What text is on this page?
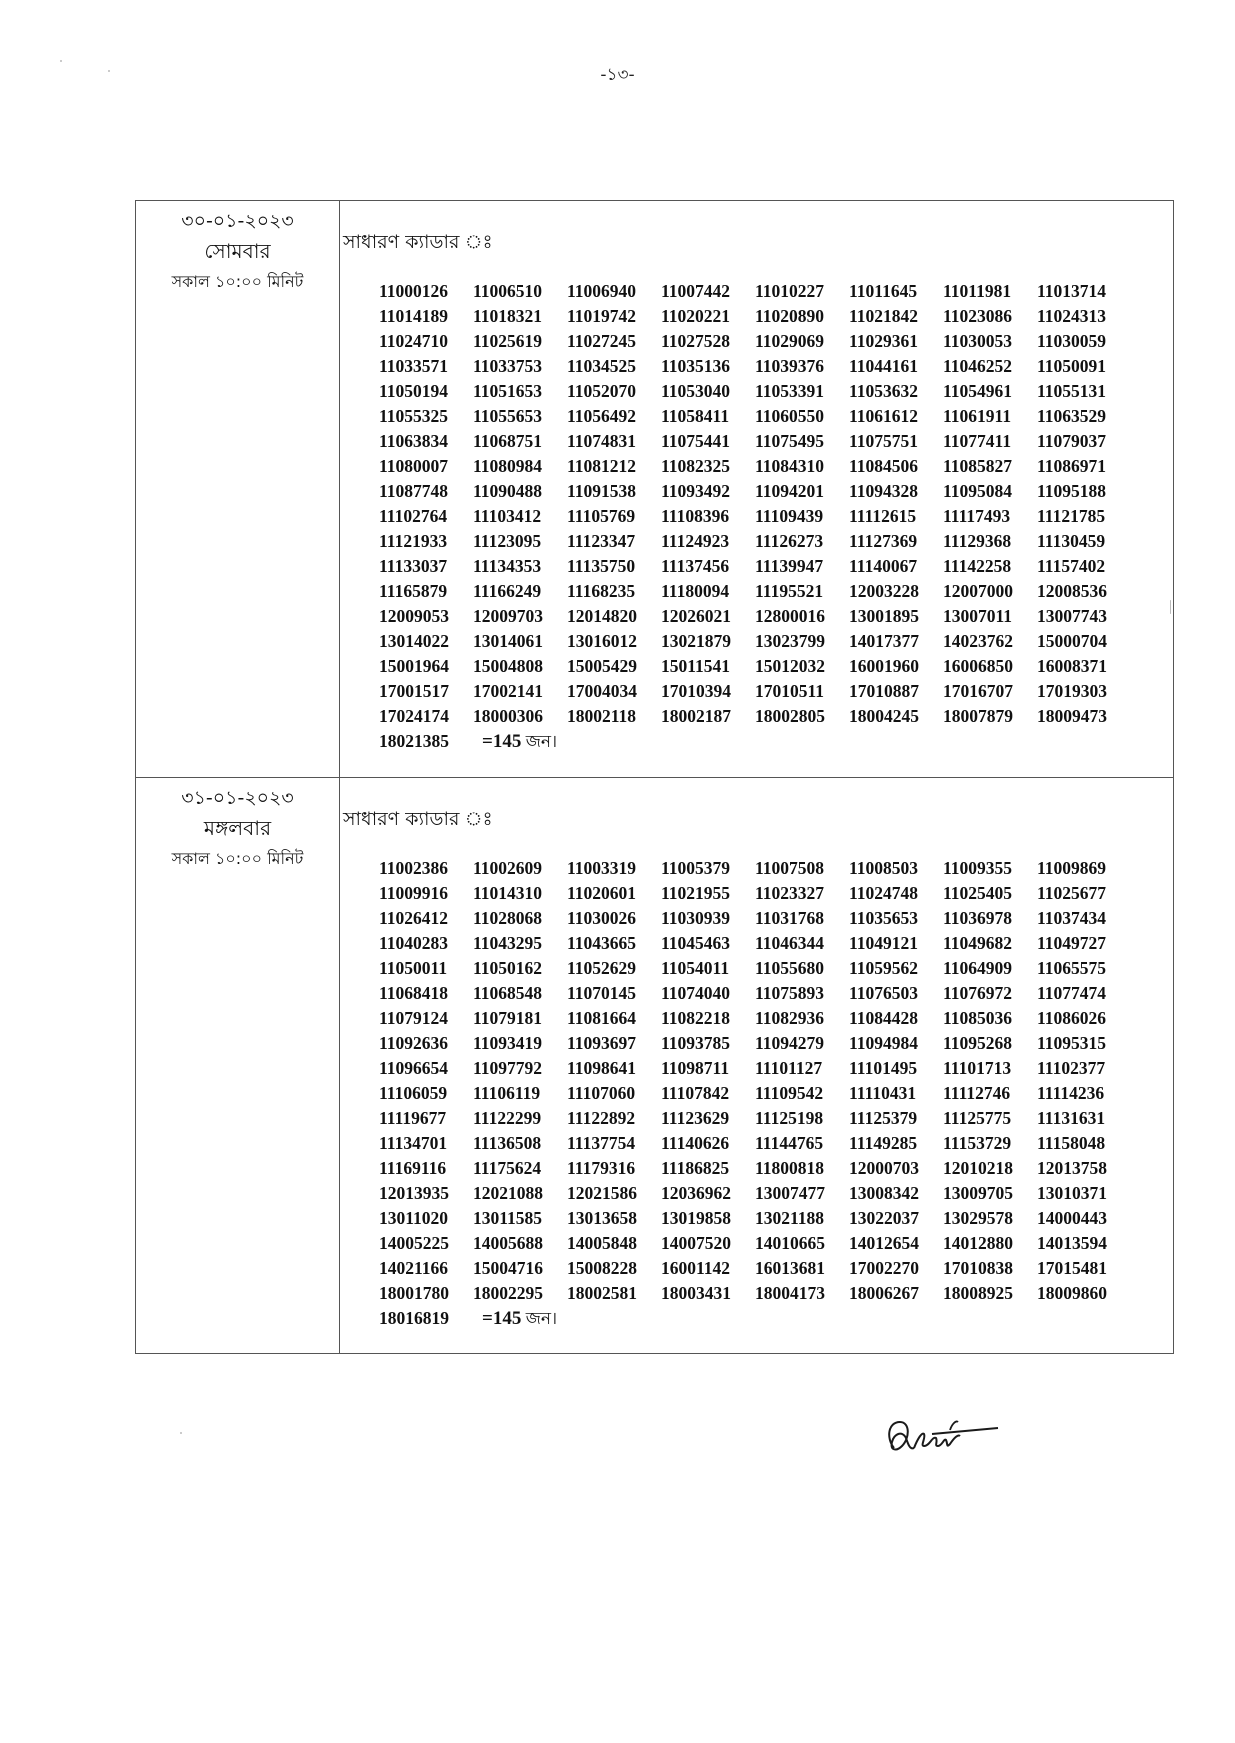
-১৩-
৩০-০১-২০২৩
সোমবার
সকাল ১০:০০ মিনিট
সাধারণ ক্যাডার ঃ
11000126	11006510	11006940	11007442	11010227	11011645	11011981	11013714
11014189	11018321	11019742	11020221	11020890	11021842	11023086	11024313
11024710	11025619	11027245	11027528	11029069	11029361	11030053	11030059
11033571	11033753	11034525	11035136	11039376	11044161	11046252	11050091
11050194	11051653	11052070	11053040	11053391	11053632	11054961	11055131
11055325	11055653	11056492	11058411	11060550	11061612	11061911	11063529
11063834	11068751	11074831	11075441	11075495	11075751	11077411	11079037
11080007	11080984	11081212	11082325	11084310	11084506	11085827	11086971
11087748	11090488	11091538	11093492	11094201	11094328	11095084	11095188
11102764	11103412	11105769	11108396	11109439	11112615	11117493	11121785
11121933	11123095	11123347	11124923	11126273	11127369	11129368	11130459
11133037	11134353	11135750	11137456	11139947	11140067	11142258	11157402
11165879	11166249	11168235	11180094	11195521	12003228	12007000	12008536
12009053	12009703	12014820	12026021	12800016	13001895	13007011	13007743
13014022	13014061	13016012	13021879	13023799	14017377	14023762	15000704
15001964	15004808	15005429	15011541	15012032	16001960	16006850	16008371
17001517	17002141	17004034	17010394	17010511	17010887	17016707	17019303
17024174	18000306	18002118	18002187	18002805	18004245	18007879	18009473
18021385 =145 জন।
৩১-০১-২০২৩
মঙ্গলবার
সকাল ১০:০০ মিনিট
সাধারণ ক্যাডার ঃ
11002386	11002609	11003319	11005379	11007508	11008503	11009355	11009869
11009916	11014310	11020601	11021955	11023327	11024748	11025405	11025677
11026412	11028068	11030026	11030939	11031768	11035653	11036978	11037434
11040283	11043295	11043665	11045463	11046344	11049121	11049682	11049727
11050011	11050162	11052629	11054011	11055680	11059562	11064909	11065575
11068418	11068548	11070145	11074040	11075893	11076503	11076972	11077474
11079124	11079181	11081664	11082218	11082936	11084428	11085036	11086026
11092636	11093419	11093697	11093785	11094279	11094984	11095268	11095315
11096654	11097792	11098641	11098711	11101127	11101495	11101713	11102377
11106059	11106119	11107060	11107842	11109542	11110431	11112746	11114236
11119677	11122299	11122892	11123629	11125198	11125379	11125775	11131631
11134701	11136508	11137754	11140626	11144765	11149285	11153729	11158048
11169116	11175624	11179316	11186825	11800818	12000703	12010218	12013758
12013935	12021088	12021586	12036962	13007477	13008342	13009705	13010371
13011020	13011585	13013658	13019858	13021188	13022037	13029578	14000443
14005225	14005688	14005848	14007520	14010665	14012654	14012880	14013594
14021166	15004716	15008228	16001142	16013681	17002270	17010838	17015481
18001780	18002295	18002581	18003431	18004173	18006267	18008925	18009860
18016819 =145 জন।
